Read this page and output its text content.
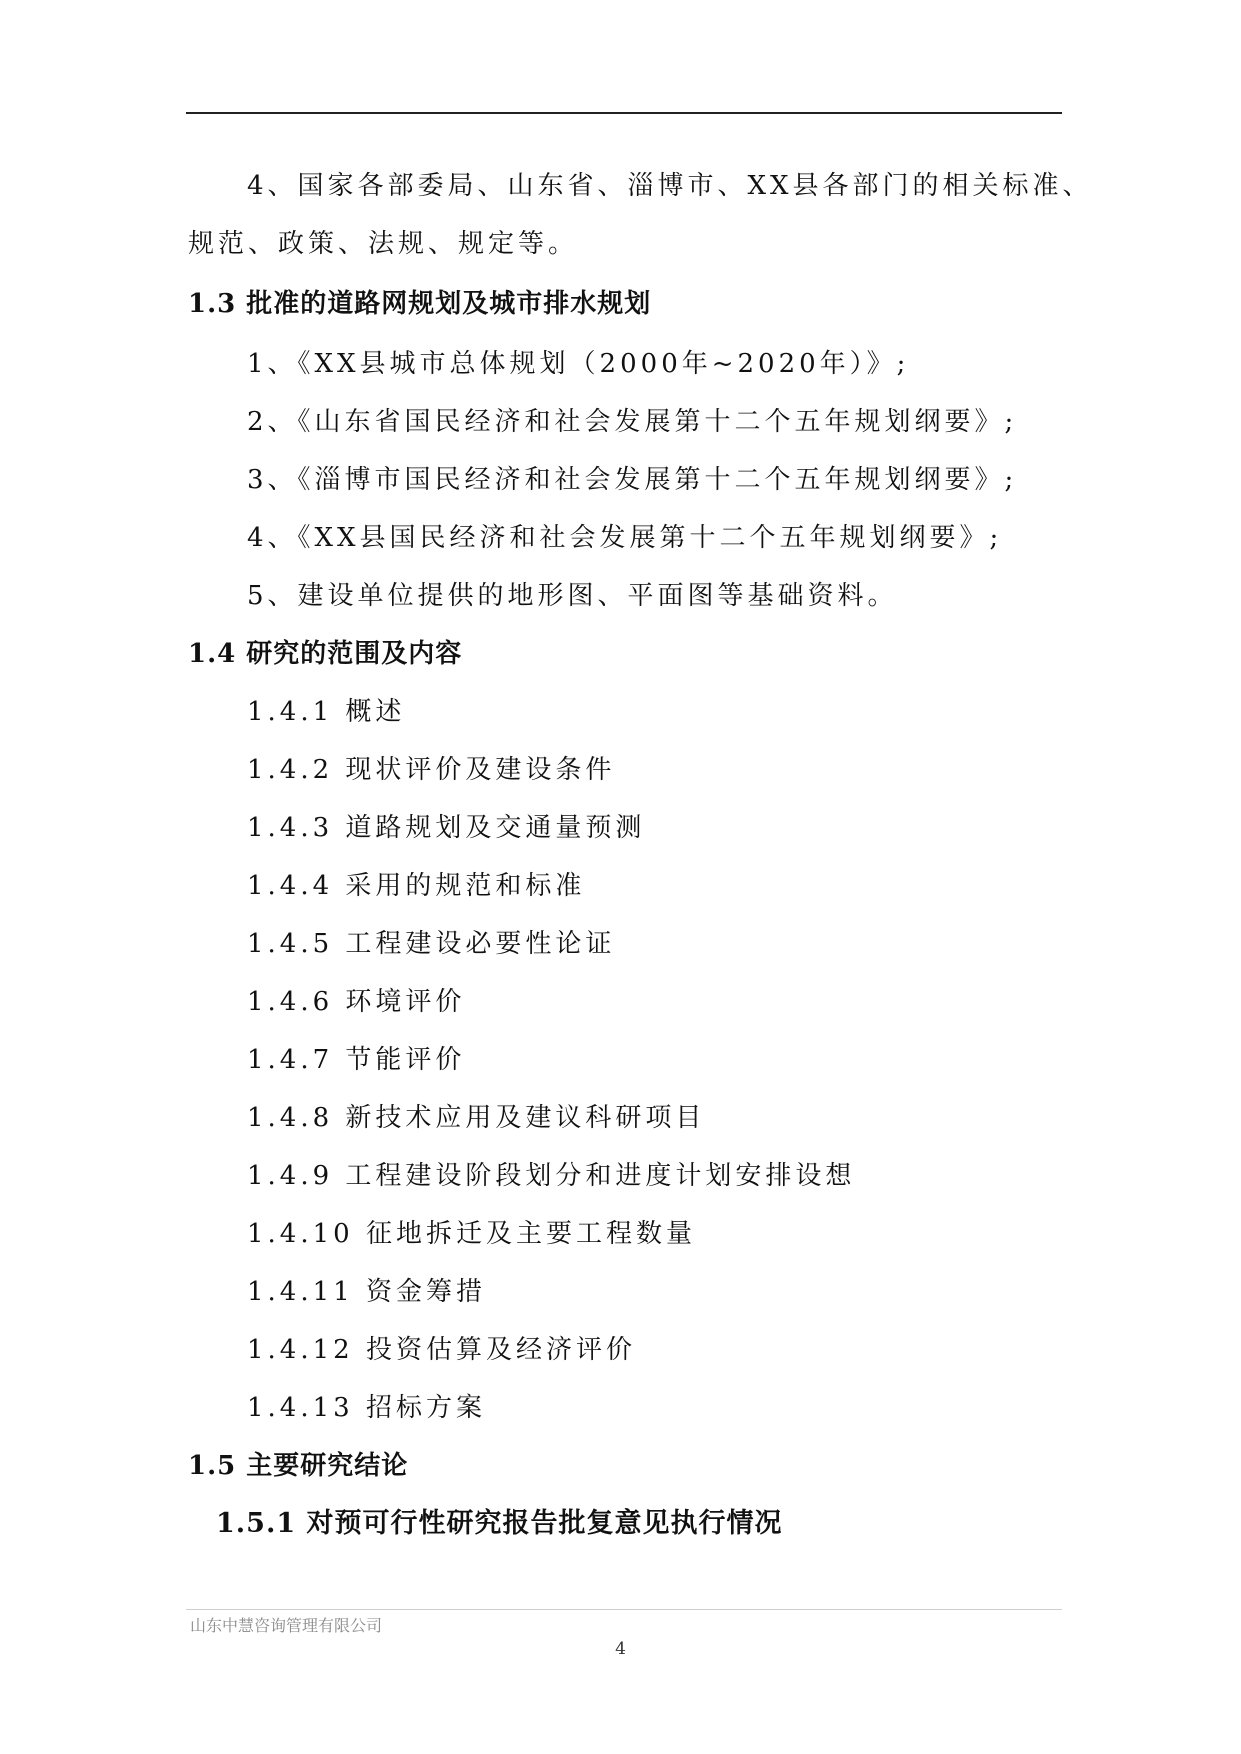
4、国家各部委局、山东省、淄博市、XX县各部门的相关标准、
规范、政策、法规、规定等。
1.3 批准的道路网规划及城市排水规划
1、《XX县城市总体规划（2000年~2020年）》;
2、《山东省国民经济和社会发展第十二个五年规划纲要》;
3、《淄博市国民经济和社会发展第十二个五年规划纲要》;
4、《XX县国民经济和社会发展第十二个五年规划纲要》;
5、建设单位提供的地形图、平面图等基础资料。
1.4 研究的范围及内容
1.4.1 概述
1.4.2 现状评价及建设条件
1.4.3 道路规划及交通量预测
1.4.4 采用的规范和标准
1.4.5 工程建设必要性论证
1.4.6 环境评价
1.4.7 节能评价
1.4.8 新技术应用及建议科研项目
1.4.9 工程建设阶段划分和进度计划安排设想
1.4.10 征地拆迁及主要工程数量
1.4.11 资金筹措
1.4.12 投资估算及经济评价
1.4.13 招标方案
1.5 主要研究结论
1.5.1 对预可行性研究报告批复意见执行情况
山东中慧咨询管理有限公司
4
